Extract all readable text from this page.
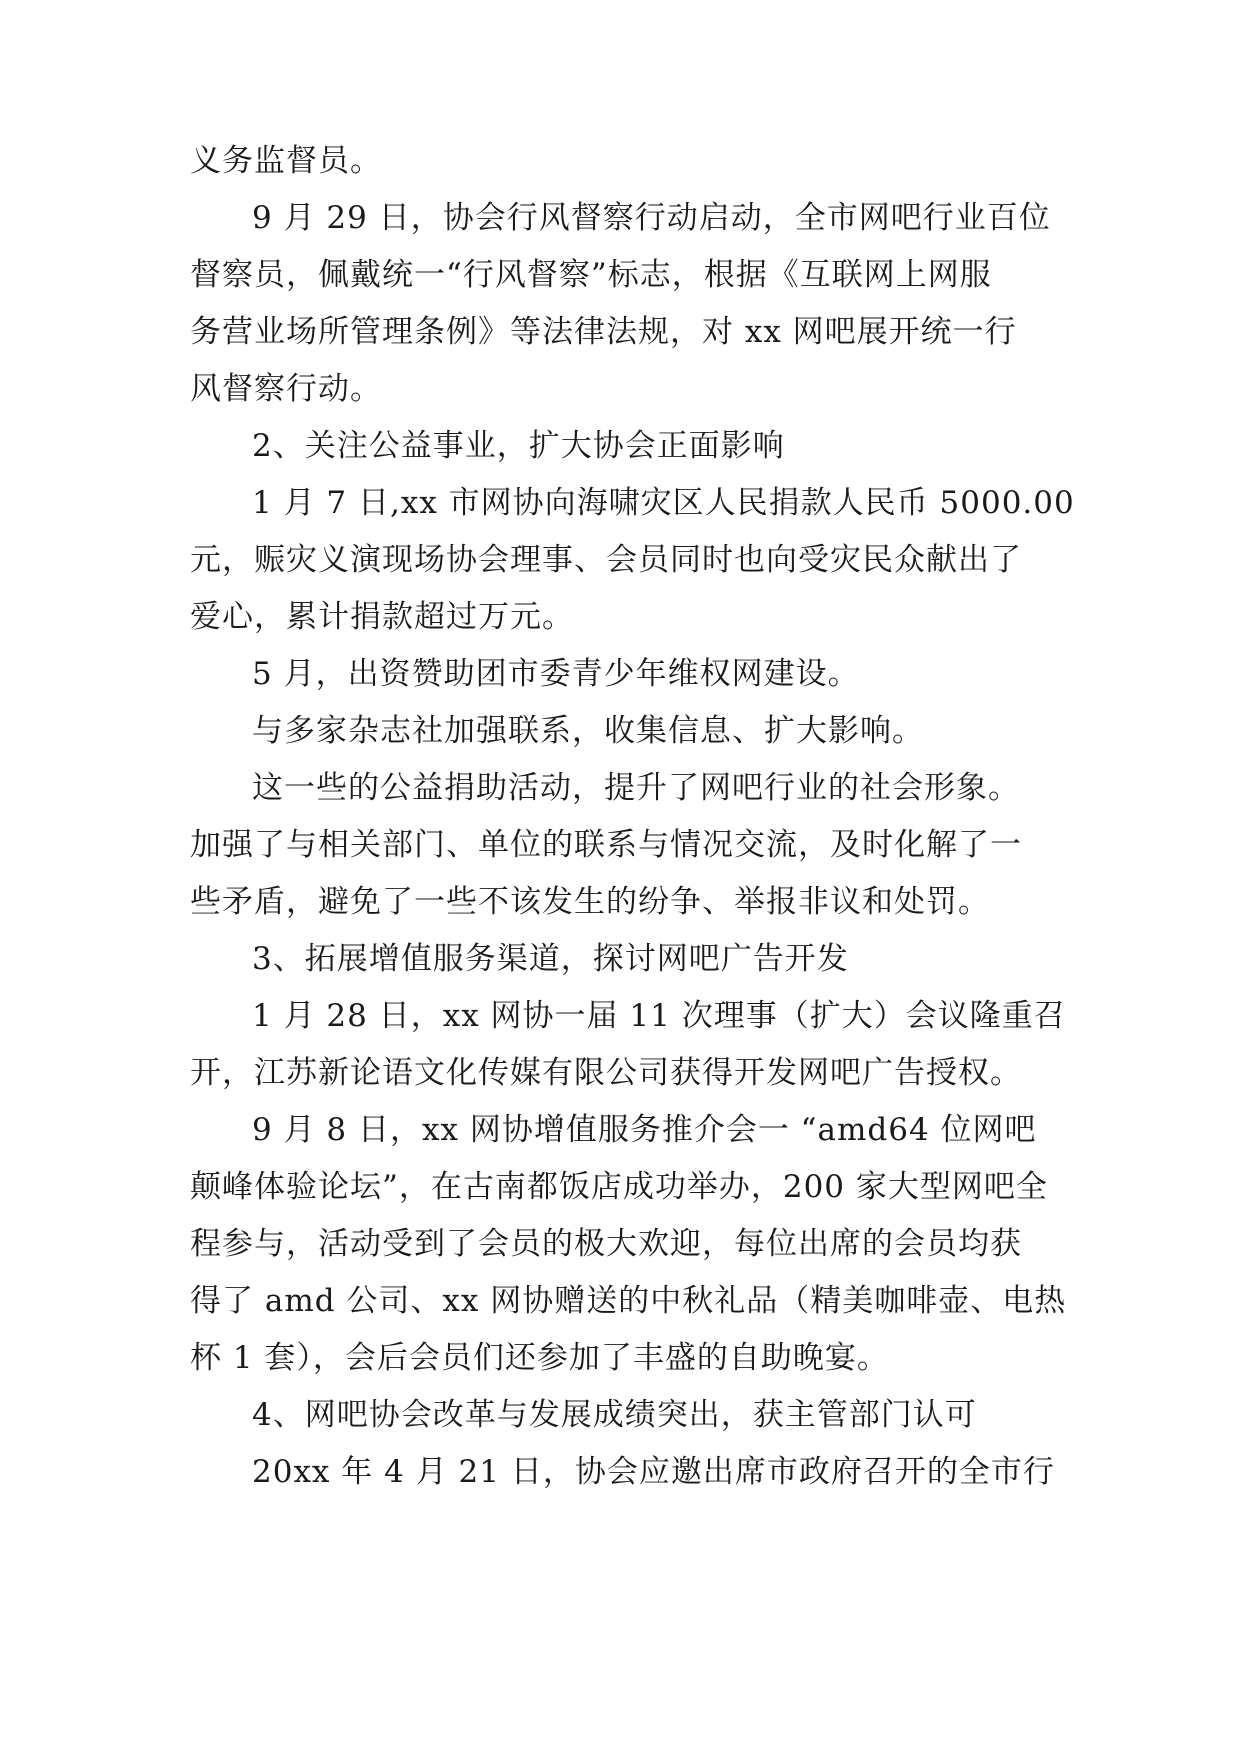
义务监督员。
9 月 29 日，协会行风督察行动启动，全市网吧行业百位
督察员，佩戴统一“行风督察”标志，根据《互联网上网服
务营业场所管理条例》等法律法规，对 xx 网吧展开统一行
风督察行动。
2、关注公益事业，扩大协会正面影响
1 月 7 日,xx 市网协向海啸灾区人民捐款人民币 5000.00
元，赈灾义演现场协会理事、会员同时也向受灾民众献出了
爱心，累计捐款超过万元。
5 月，出资赞助团市委青少年维权网建设。
与多家杂志社加强联系，收集信息、扩大影响。
这一些的公益捐助活动，提升了网吧行业的社会形象。
加强了与相关部门、单位的联系与情况交流，及时化解了一
些矛盾，避免了一些不该发生的纷争、举报非议和处罚。
3、拓展增值服务渠道，探讨网吧广告开发
1 月 28 日，xx 网协一届 11 次理事（扩大）会议隆重召
开，江苏新论语文化传媒有限公司获得开发网吧广告授权。
9 月 8 日，xx 网协增值服务推介会一 “amd64 位网吧
颠峰体验论坛”，在古南都饭店成功举办，200 家大型网吧全
程参与，活动受到了会员的极大欢迎，每位出席的会员均获
得了 amd 公司、xx 网协赠送的中秋礼品（精美咖啡壶、电热
杯 1 套），会后会员们还参加了丰盛的自助晚宴。
4、网吧协会改革与发展成绩突出，获主管部门认可
20xx 年 4 月 21 日，协会应邀出席市政府召开的全市行
